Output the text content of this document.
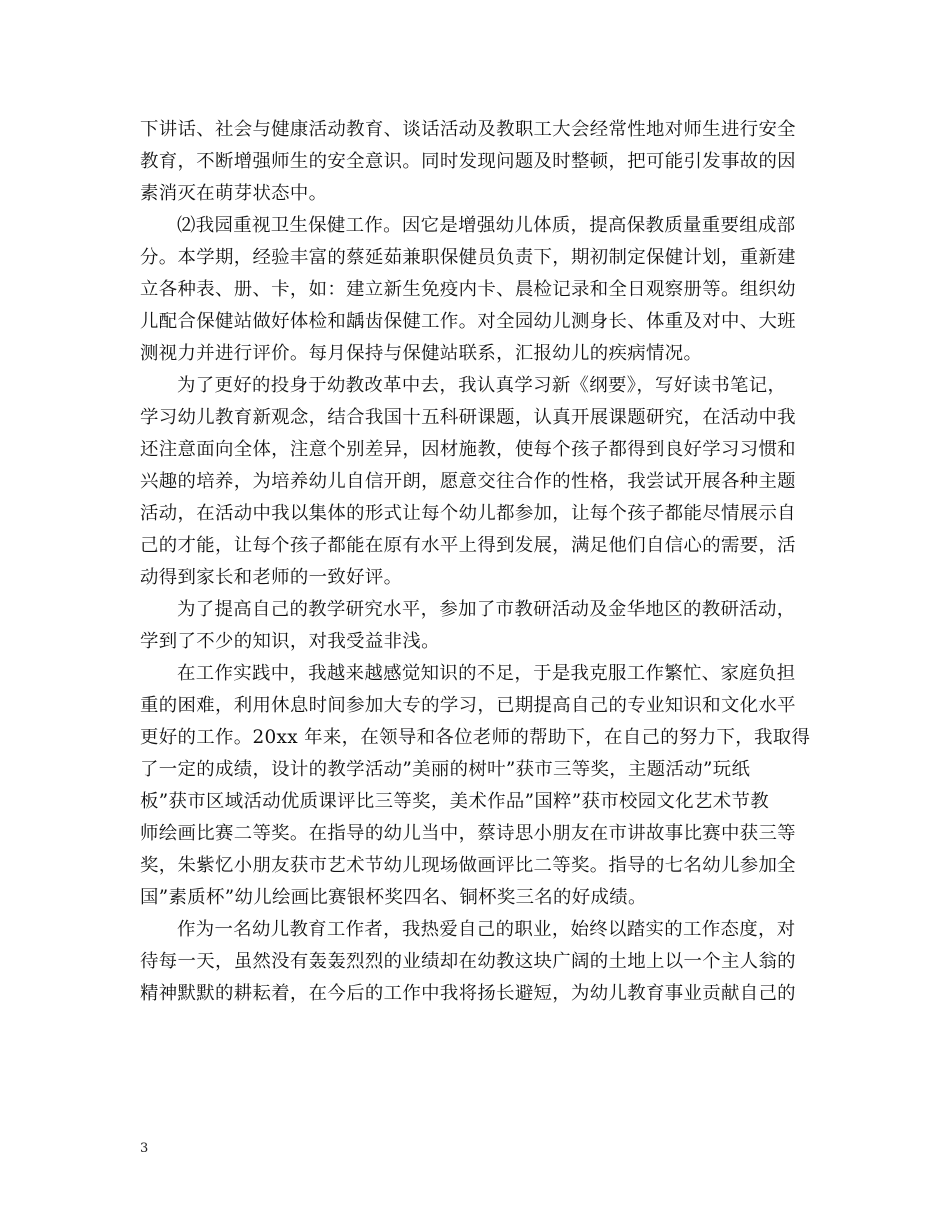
下讲话、社会与健康活动教育、谈话活动及教职工大会经常性地对师生进行安全
教育，不断增强师生的安全意识。同时发现问题及时整顿，把可能引发事故的因
素消灭在萌芽状态中。
⑵我园重视卫生保健工作。因它是增强幼儿体质，提高保教质量重要组成部
分。本学期，经验丰富的蔡延茹兼职保健员负责下，期初制定保健计划，重新建
立各种表、册、卡，如：建立新生免疫内卡、晨检记录和全日观察册等。组织幼
儿配合保健站做好体检和龋齿保健工作。对全园幼儿测身长、体重及对中、大班
测视力并进行评价。每月保持与保健站联系，汇报幼儿的疾病情况。
为了更好的投身于幼教改革中去，我认真学习新《纲要》，写好读书笔记，
学习幼儿教育新观念，结合我国十五科研课题，认真开展课题研究，在活动中我
还注意面向全体，注意个别差异，因材施教，使每个孩子都得到良好学习习惯和
兴趣的培养，为培养幼儿自信开朗，愿意交往合作的性格，我尝试开展各种主题
活动，在活动中我以集体的形式让每个幼儿都参加，让每个孩子都能尽情展示自
己的才能，让每个孩子都能在原有水平上得到发展，满足他们自信心的需要，活
动得到家长和老师的一致好评。
为了提高自己的教学研究水平，参加了市教研活动及金华地区的教研活动，
学到了不少的知识，对我受益非浅。
在工作实践中，我越来越感觉知识的不足，于是我克服工作繁忙、家庭负担
重的困难，利用休息时间参加大专的学习，已期提高自己的专业知识和文化水平
更好的工作。20xx 年来，在领导和各位老师的帮助下，在自己的努力下，我取得
了一定的成绩，设计的教学活动”美丽的树叶”获市三等奖，主题活动”玩纸
板”获市区域活动优质课评比三等奖，美术作品”国粹”获市校园文化艺术节教
师绘画比赛二等奖。在指导的幼儿当中，蔡诗思小朋友在市讲故事比赛中获三等
奖，朱紫忆小朋友获市艺术节幼儿现场做画评比二等奖。指导的七名幼儿参加全
国”素质杯”幼儿绘画比赛银杯奖四名、铜杯奖三名的好成绩。
作为一名幼儿教育工作者，我热爱自己的职业，始终以踏实的工作态度，对
待每一天，虽然没有轰轰烈烈的业绩却在幼教这块广阔的土地上以一个主人翁的
精神默默的耕耘着，在今后的工作中我将扬长避短，为幼儿教育事业贡献自己的
3
